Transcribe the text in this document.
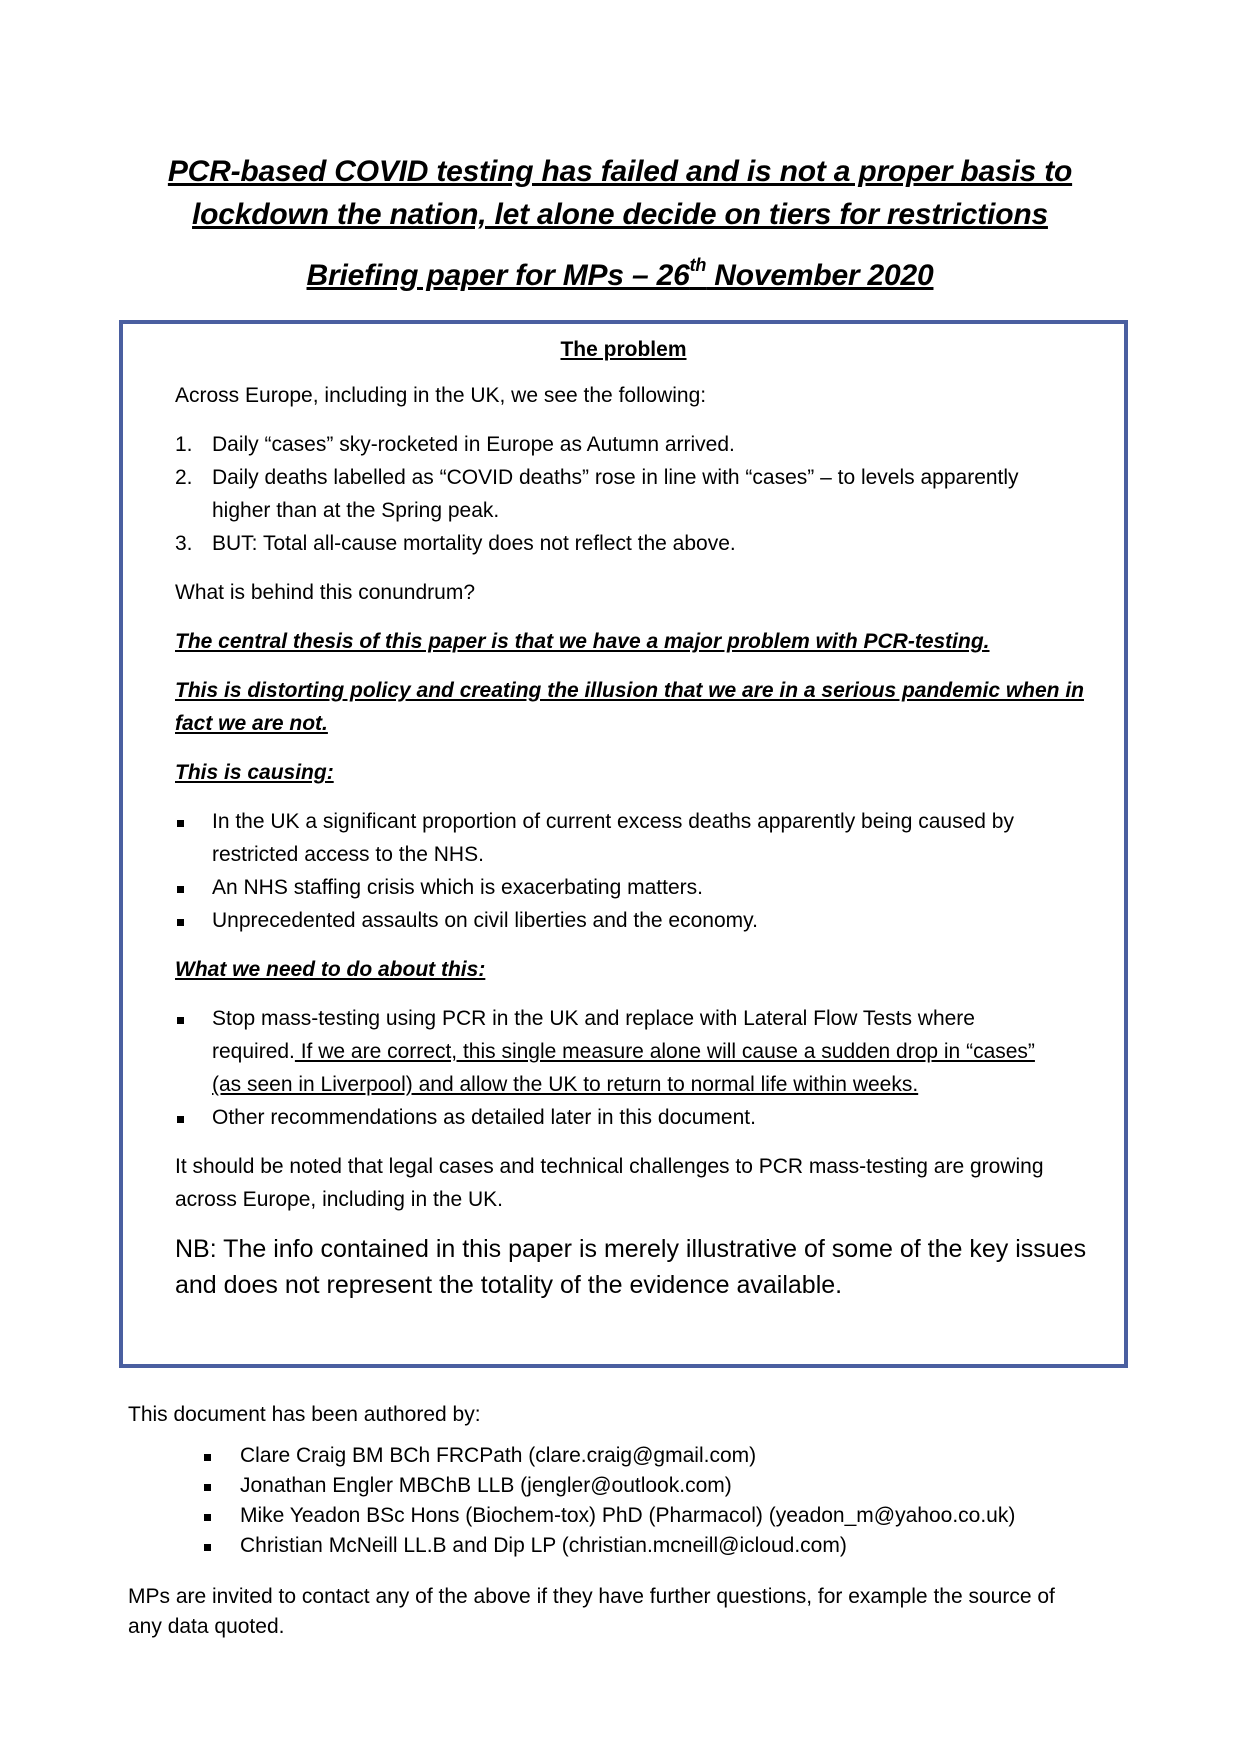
PCR-based COVID testing has failed and is not a proper basis to
lockdown the nation, let alone decide on tiers for restrictions
Briefing paper for MPs – 26th November 2020
The problem
Across Europe, including in the UK, we see the following:
1. Daily “cases” sky-rocketed in Europe as Autumn arrived.
2. Daily deaths labelled as “COVID deaths” rose in line with “cases” – to levels apparently
higher than at the Spring peak.
3. BUT: Total all-cause mortality does not reflect the above.
What is behind this conundrum?
The central thesis of this paper is that we have a major problem with PCR-testing.
This is distorting policy and creating the illusion that we are in a serious pandemic when in
fact we are not.
This is causing:
In the UK a significant proportion of current excess deaths apparently being caused by
restricted access to the NHS.
An NHS staffing crisis which is exacerbating matters.
Unprecedented assaults on civil liberties and the economy.
What we need to do about this:
Stop mass-testing using PCR in the UK and replace with Lateral Flow Tests where
required. If we are correct, this single measure alone will cause a sudden drop in “cases”
(as seen in Liverpool) and allow the UK to return to normal life within weeks.
Other recommendations as detailed later in this document.
It should be noted that legal cases and technical challenges to PCR mass-testing are growing
across Europe, including in the UK.
NB: The info contained in this paper is merely illustrative of some of the key issues
and does not represent the totality of the evidence available.
This document has been authored by:
Clare Craig BM BCh FRCPath (clare.craig@gmail.com)
Jonathan Engler MBChB LLB (jengler@outlook.com)
Mike Yeadon BSc Hons (Biochem-tox) PhD (Pharmacol) (yeadon_m@yahoo.co.uk)
Christian McNeill LL.B and Dip LP (christian.mcneill@icloud.com)
MPs are invited to contact any of the above if they have further questions, for example the source of
any data quoted.
